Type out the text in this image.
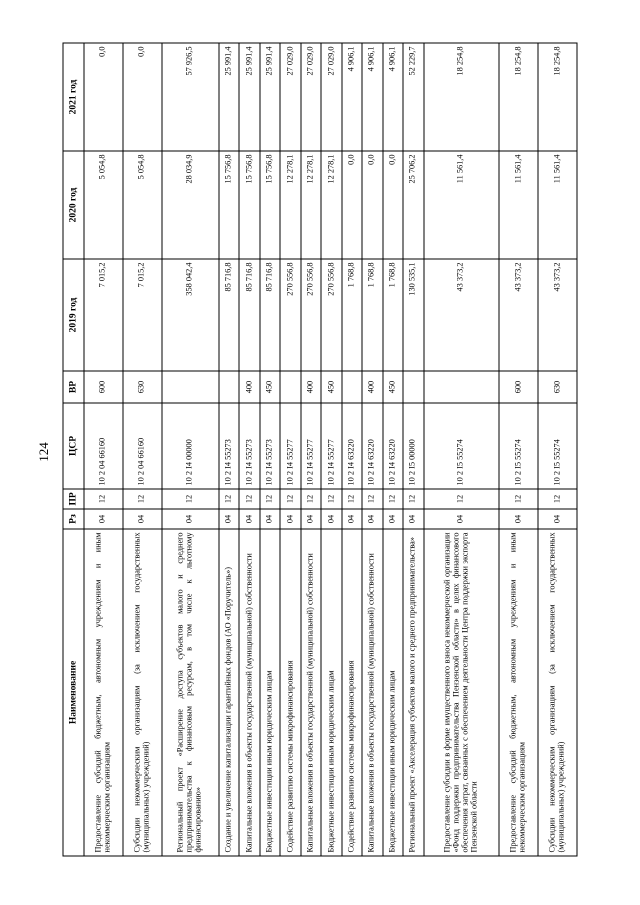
124
Наименование	Рз	ПР	ЦСР	ВР	2019 год	2020 год	2021 год
Предоставление субсидий бюджетным, автономным учреждениям и иным некоммерческим организациям	04	12	10 2 04 66160	600	7 015,2	5 054,8	0,0
Субсидии некоммерческим организациям (за исключением государственных (муниципальных) учреждений)	04	12	10 2 04 66160	630	7 015,2	5 054,8	0,0
Региональный проект «Расширение доступа субъектов малого и среднего предпринимательства к финансовым ресурсам, в том числе к льготному финансированию»	04	12	10 2 I4 00000		358 042,4	28 034,9	57 926,5
Создание и увеличение капитализации гарантийных фондов (АО «Поручитель»)	04	12	10 2 I4 55273		85 716,8	15 756,8	25 991,4
Капитальные вложения в объекты государственной (муниципальной) собственности	04	12	10 2 I4 55273	400	85 716,8	15 756,8	25 991,4
Бюджетные инвестиции иным юридическим лицам	04	12	10 2 I4 55273	450	85 716,8	15 756,8	25 991,4
Содействие развитию системы микрофинансирования	04	12	10 2 I4 55277		270 556,8	12 278,1	27 029,0
Капитальные вложения в объекты государственной (муниципальной) собственности	04	12	10 2 I4 55277	400	270 556,8	12 278,1	27 029,0
Бюджетные инвестиции иным юридическим лицам	04	12	10 2 I4 55277	450	270 556,8	12 278,1	27 029,0
Содействие развитию системы микрофинансирования	04	12	10 2 I4 63220		1 768,8	0,0	4 906,1
Капитальные вложения в объекты государственной (муниципальной) собственности	04	12	10 2 I4 63220	400	1 768,8	0,0	4 906,1
Бюджетные инвестиции иным юридическим лицам	04	12	10 2 I4 63220	450	1 768,8	0,0	4 906,1
Региональный проект «Акселерация субъектов малого и среднего предпринимательства»	04	12	10 2 I5 00000		130 535,1	25 706,2	52 229,7
Предоставление субсидии в форме имущественного взноса некоммерческой организации «Фонд поддержки предпринимательства Пензенской области» в целях финансового обеспечения затрат, связанных с обеспечением деятельности Центра поддержки экспорта Пензенской области	04	12	10 2 I5 55274		43 373,2	11 561,4	18 254,8
Предоставление субсидий бюджетным, автономным учреждениям и иным некоммерческим организациям	04	12	10 2 I5 55274	600	43 373,2	11 561,4	18 254,8
Субсидии некоммерческим организациям (за исключением государственных (муниципальных) учреждений)	04	12	10 2 I5 55274	630	43 373,2	11 561,4	18 254,8
